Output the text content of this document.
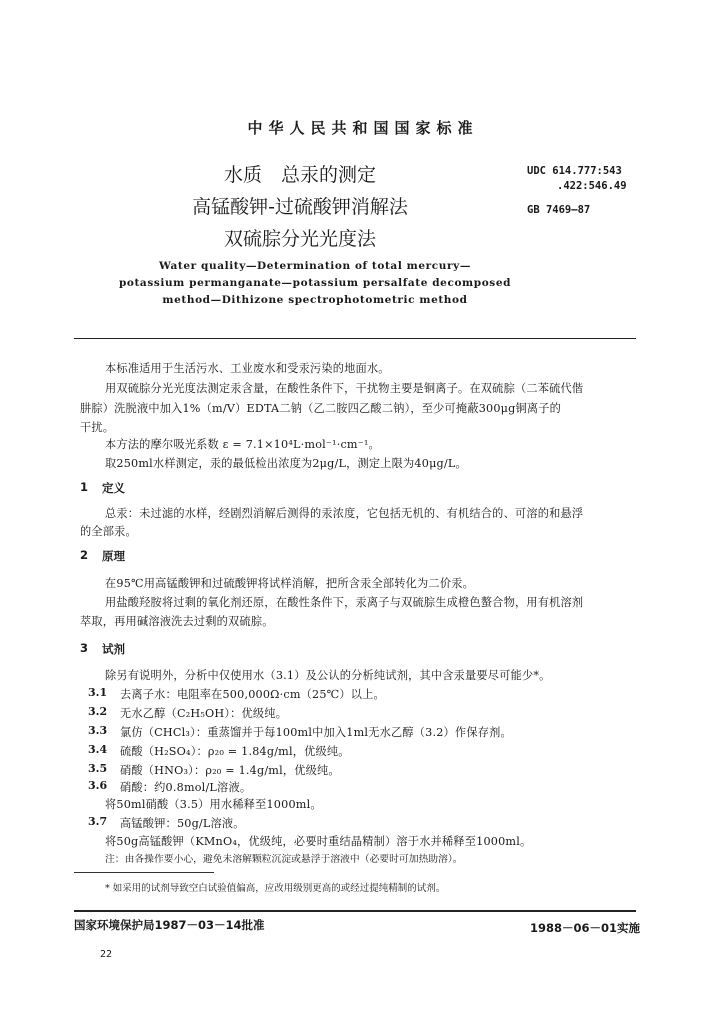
中华人民共和国国家标准
水质　总汞的测定
高锰酸钾-过硫酸钾消解法
双硫腙分光光度法
UDC 614.777:543
.422:546.49
GB 7469—87
Water quality—Determination of total mercury—
potassium permanganate—potassium persalfate decomposed
method—Dithizone spectrophotometric method
本标准适用于生活污水、工业废水和受汞污染的地面水。
用双硫腙分光光度法测定汞含量，在酸性条件下，干扰物主要是铜离子。在双硫腙（二苯硫代偕
肼腙）洗脱液中加入1%（m/V）EDTA二钠（乙二胺四乙酸二钠），至少可掩蔽300μg铜离子的
干扰。
本方法的摩尔吸光系数 ε = 7.1×10⁴L·mol⁻¹·cm⁻¹。
取250ml水样测定，汞的最低检出浓度为2μg/L，测定上限为40μg/L。
1 定义
总汞：未过滤的水样，经剧烈消解后测得的汞浓度，它包括无机的、有机结合的、可溶的和悬浮
的全部汞。
2 原理
在95℃用高锰酸钾和过硫酸钾将试样消解，把所含汞全部转化为二价汞。
用盐酸羟胺将过剩的氧化剂还原，在酸性条件下，汞离子与双硫腙生成橙色螯合物，用有机溶剂
萃取，再用碱溶液洗去过剩的双硫腙。
3 试剂
除另有说明外，分析中仅使用水（3.1）及公认的分析纯试剂，其中含汞量要尽可能少*。
3.1 去离子水：电阻率在500,000Ω·cm（25℃）以上。
3.2 无水乙醇（C₂H₅OH）：优级纯。
3.3 氯仿（CHCl₃）：重蒸馏并于每100ml中加入1ml无水乙醇（3.2）作保存剂。
3.4 硫酸（H₂SO₄）：ρ₂₀ = 1.84g/ml，优级纯。
3.5 硝酸（HNO₃）：ρ₂₀ = 1.4g/ml，优级纯。
3.6 硝酸：约0.8mol/L溶液。
将50ml硝酸（3.5）用水稀释至1000ml。
3.7 高锰酸钾：50g/L溶液。
将50g高锰酸钾（KMnO₄，优级纯，必要时重结晶精制）溶于水并稀释至1000ml。
注：由各操作要小心，避免未溶解颗粒沉淀或悬浮于溶液中（必要时可加热助溶）。
* 如采用的试剂导致空白试验值偏高，应改用级别更高的或经过提纯精制的试剂。
国家环境保护局1987－03－14批准	1988－06－01实施
22
